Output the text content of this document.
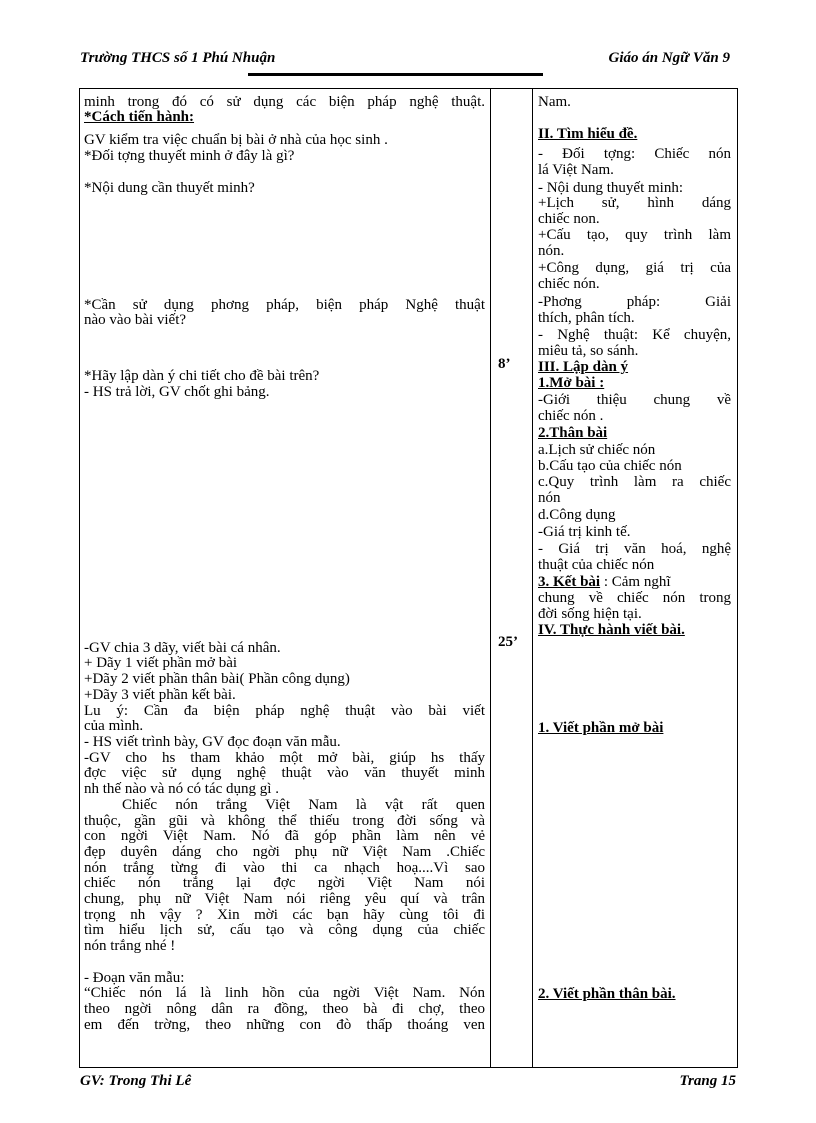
Trường THCS số 1 Phú Nhuận	Giáo án Ngữ Văn 9
minh trong đó có sử dụng các biện pháp nghệ thuật.
*Cách tiến hành:
GV kiểm tra việc chuẩn bị bài ở nhà của học sinh .
*Đối tợng thuyết minh ở đây là gì?
*Nội dung cần thuyết minh?
*Cần sử dụng phơng pháp, biện pháp Nghệ thuật
nào vào bài viết?
*Hãy lập dàn ý chi tiết cho đề bài trên?
- HS trả lời, GV chốt ghi bảng.
-GV chia 3 dãy, viết bài cá nhân.
+ Dãy 1 viết phần mở bài
+Dãy 2 viết phần thân bài( Phần công dụng)
+Dãy 3 viết phần kết bài.
Lu ý: Cần đa biện pháp nghệ thuật vào bài viết
của mình.
- HS viết trình bày, GV đọc đoạn văn mẫu.
-GV cho hs tham khảo một mở bài, giúp hs thấy
đợc việc sử dụng nghệ thuật vào văn thuyết minh
nh thế nào và nó có tác dụng gì .
Chiếc nón trắng Việt Nam là vật rất quen
thuộc, gần gũi và không thể thiếu trong đời sống và
con ngời Việt Nam. Nó đã góp phần làm nên vẻ
đẹp duyên dáng cho ngời phụ nữ Việt Nam .Chiếc
nón trắng từng đi vào thi ca nhạch hoạ....Vì sao
chiếc nón trắng lại đợc ngời Việt Nam nói
chung, phụ nữ Việt Nam nói riêng yêu quí và trân
trọng nh vậy ? Xin mời các bạn hãy cùng tôi đi
tìm hiểu lịch sử, cấu tạo và công dụng của chiếc
nón trắng nhé !
- Đoạn văn mẫu:
“Chiếc nón lá là linh hồn của ngời Việt Nam. Nón
theo ngời nông dân ra đồng, theo bà đi chợ, theo
em đến trờng, theo những con đò thấp thoáng ven
8’
25’
Nam.
II. Tìm hiểu đề.
- Đối tợng: Chiếc nón
lá Việt Nam.
- Nội dung thuyết minh:
+Lịch sử, hình dáng
chiếc non.
+Cấu tạo, quy trình làm
nón.
+Công dụng, giá trị của
chiếc nón.
-Phơng pháp: Giải
thích, phân tích.
- Nghệ thuật: Kể chuyện,
miêu tả, so sánh.
III. Lập dàn ý
1.Mở bài :
-Giới thiệu chung về
chiếc nón .
2.Thân bài
a.Lịch sử chiếc nón
b.Cấu tạo của chiếc nón
c.Quy trình làm ra chiếc
nón
d.Công dụng
-Giá trị kinh tế.
- Giá trị văn hoá, nghệ
thuật của chiếc nón
3. Kết bài : Cảm nghĩ
chung về chiếc nón trong
đời sống hiện tại.
IV. Thực hành viết bài.
1. Viết phần mở bài
2. Viết phần thân bài.
GV: Trong Thi Lê	Trang 15
